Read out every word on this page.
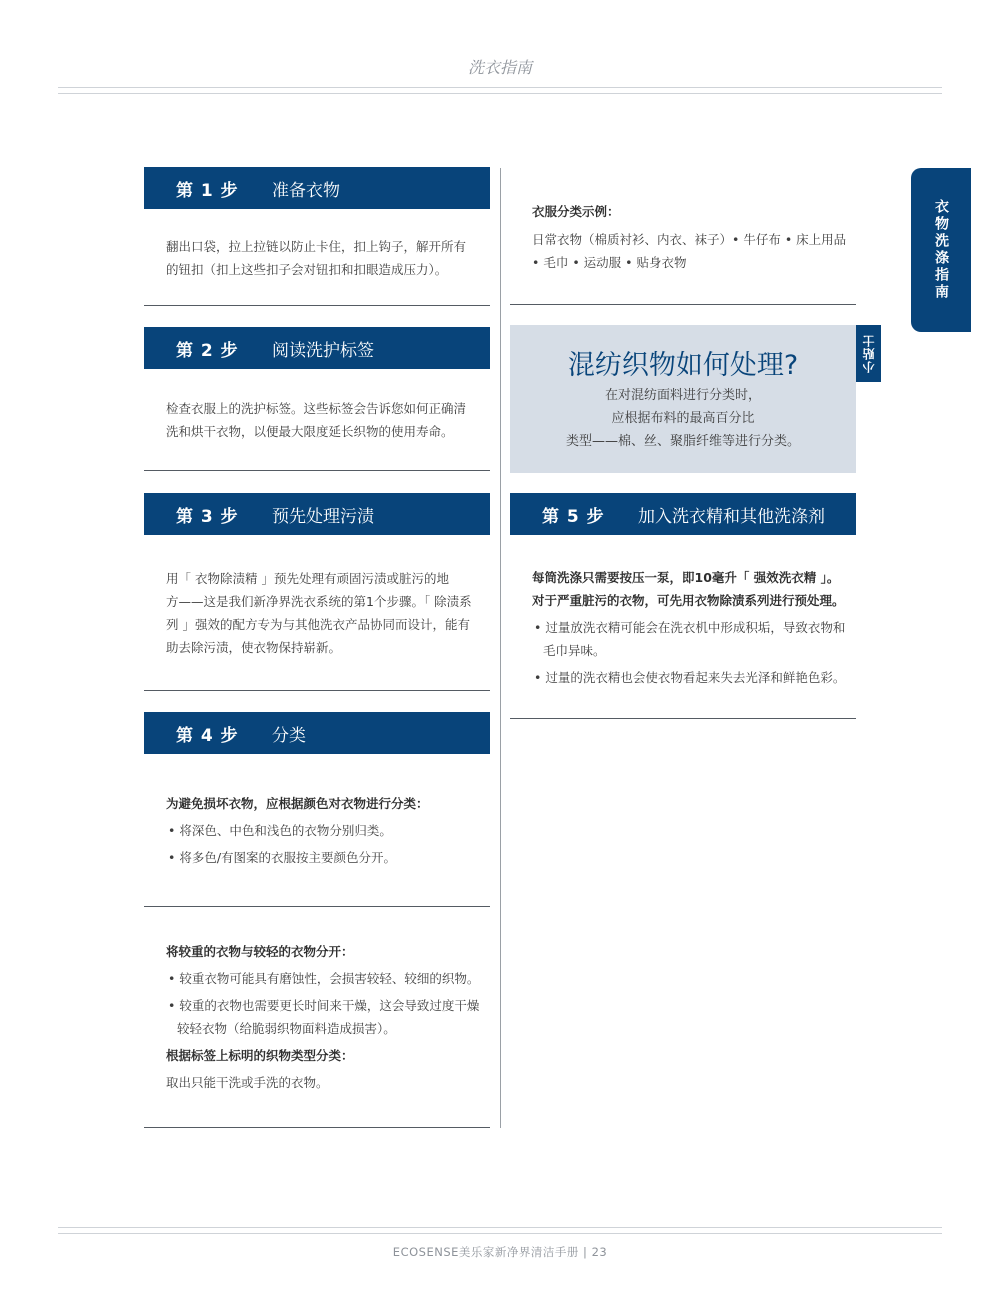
洗衣指南
衣物洗涤指南
第 1 步	准备衣物
翻出口袋，拉上拉链以防止卡住，扣上钩子，解开所有
的钮扣（扣上这些扣子会对钮扣和扣眼造成压力）。
第 2 步	阅读洗护标签
检查衣服上的洗护标签。这些标签会告诉您如何正确清
洗和烘干衣物，以便最大限度延长织物的使用寿命。
第 3 步	预先处理污渍
用「 衣物除渍精 」预先处理有顽固污渍或脏污的地
方——这是我们新净界洗衣系统的第1个步骤。「 除渍系
列 」强效的配方专为与其他洗衣产品协同而设计，能有
助去除污渍，使衣物保持崭新。
第 4 步	分类
为避免损坏衣物，应根据颜色对衣物进行分类：
• 将深色、中色和浅色的衣物分别归类。
• 将多色/有图案的衣服按主要颜色分开。
将较重的衣物与较轻的衣物分开：
• 较重衣物可能具有磨蚀性，会损害较轻、较细的织物。
• 较重的衣物也需要更长时间来干燥，这会导致过度干燥
较轻衣物（给脆弱织物面料造成损害）。
根据标签上标明的织物类型分类：
取出只能干洗或手洗的衣物。
衣服分类示例：
日常衣物（棉质衬衫、内衣、袜子）• 牛仔布 • 床上用品
• 毛巾 • 运动服 • 贴身衣物
混纺织物如何处理?
在对混纺面料进行分类时，
应根据布料的最高百分比
类型——棉、丝、聚脂纤维等进行分类。
小贴士
第 5 步	加入洗衣精和其他洗涤剂
每筒洗涤只需要按压一泵，即10毫升「 强效洗衣精 」。
对于严重脏污的衣物，可先用衣物除渍系列进行预处理。
• 过量放洗衣精可能会在洗衣机中形成积垢，导致衣物和
毛巾异味。
• 过量的洗衣精也会使衣物看起来失去光泽和鲜艳色彩。
ECOSENSE美乐家新净界清洁手册 | 23
